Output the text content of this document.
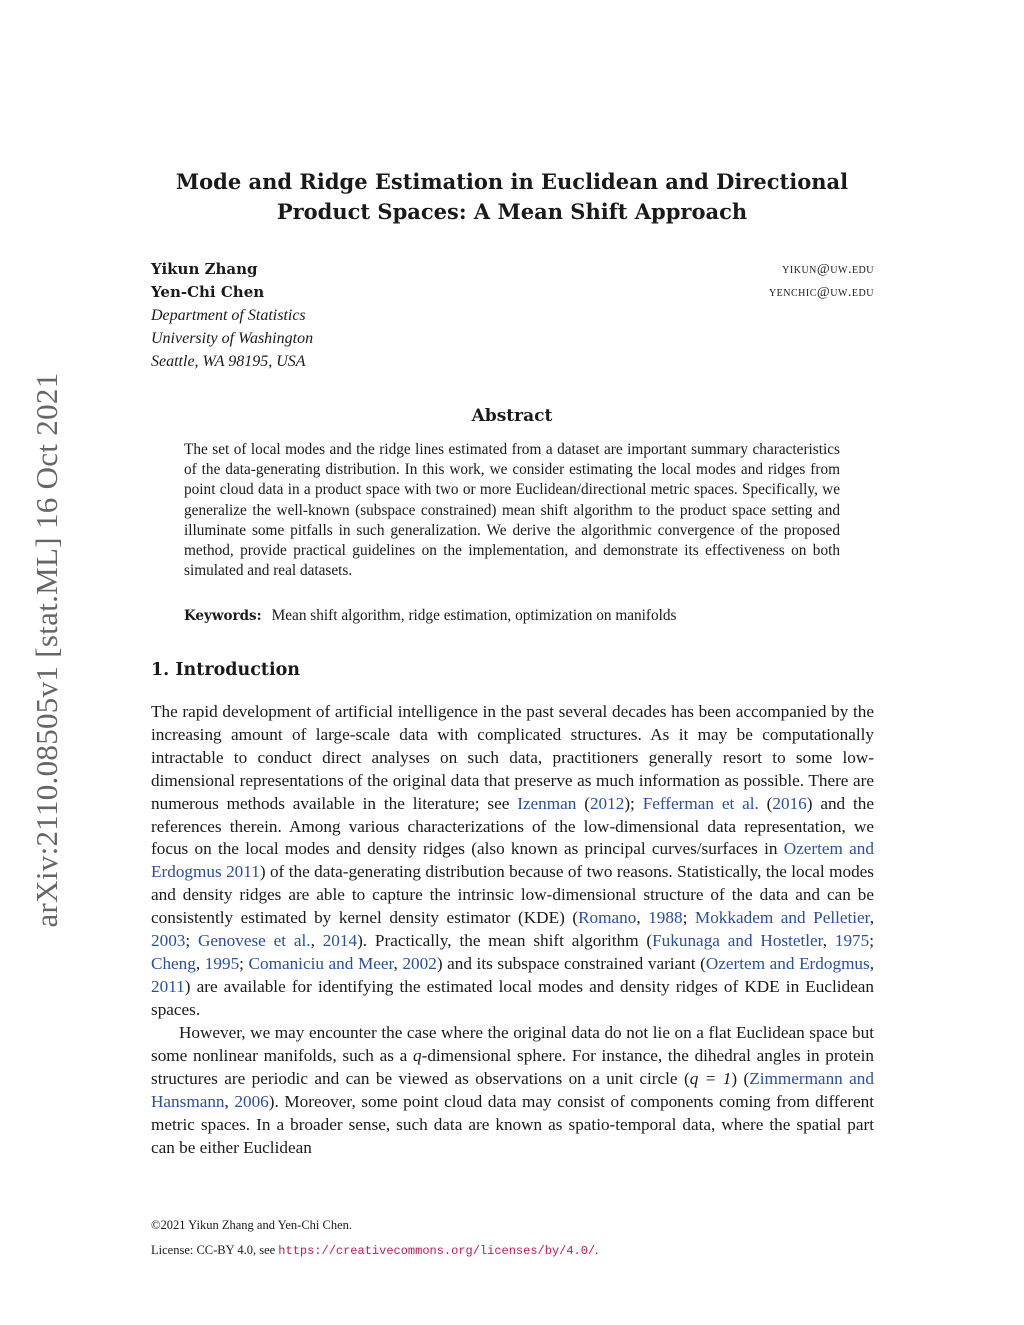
arXiv:2110.08505v1 [stat.ML] 16 Oct 2021
Mode and Ridge Estimation in Euclidean and Directional Product Spaces: A Mean Shift Approach
Yikun Zhang	yikun@uw.edu
Yen-Chi Chen	yenchic@uw.edu
Department of Statistics
University of Washington
Seattle, WA 98195, USA
Abstract

The set of local modes and the ridge lines estimated from a dataset are important summary characteristics of the data-generating distribution. In this work, we consider estimating the local modes and ridges from point cloud data in a product space with two or more Euclidean/directional metric spaces. Specifically, we generalize the well-known (subspace constrained) mean shift algorithm to the product space setting and illuminate some pitfalls in such generalization. We derive the algorithmic convergence of the proposed method, provide practical guidelines on the implementation, and demonstrate its effectiveness on both simulated and real datasets.

Keywords: Mean shift algorithm, ridge estimation, optimization on manifolds
1. Introduction

The rapid development of artificial intelligence in the past several decades has been accompanied by the increasing amount of large-scale data with complicated structures. As it may be computationally intractable to conduct direct analyses on such data, practitioners generally resort to some low-dimensional representations of the original data that preserve as much information as possible. There are numerous methods available in the literature; see Izenman (2012); Fefferman et al. (2016) and the references therein. Among various characterizations of the low-dimensional data representation, we focus on the local modes and density ridges (also known as principal curves/surfaces in Ozertem and Erdogmus 2011) of the data-generating distribution because of two reasons. Statistically, the local modes and density ridges are able to capture the intrinsic low-dimensional structure of the data and can be consistently estimated by kernel density estimator (KDE) (Romano, 1988; Mokkadem and Pelletier, 2003; Genovese et al., 2014). Practically, the mean shift algorithm (Fukunaga and Hostetler, 1975; Cheng, 1995; Comaniciu and Meer, 2002) and its subspace constrained variant (Ozertem and Erdogmus, 2011) are available for identifying the estimated local modes and density ridges of KDE in Euclidean spaces.

However, we may encounter the case where the original data do not lie on a flat Euclidean space but some nonlinear manifolds, such as a q-dimensional sphere. For instance, the dihedral angles in protein structures are periodic and can be viewed as observations on a unit circle (q = 1) (Zimmermann and Hansmann, 2006). Moreover, some point cloud data may consist of components coming from different metric spaces. In a broader sense, such data are known as spatio-temporal data, where the spatial part can be either Euclidean

©2021 Yikun Zhang and Yen-Chi Chen.
License: CC-BY 4.0, see https://creativecommons.org/licenses/by/4.0/.
